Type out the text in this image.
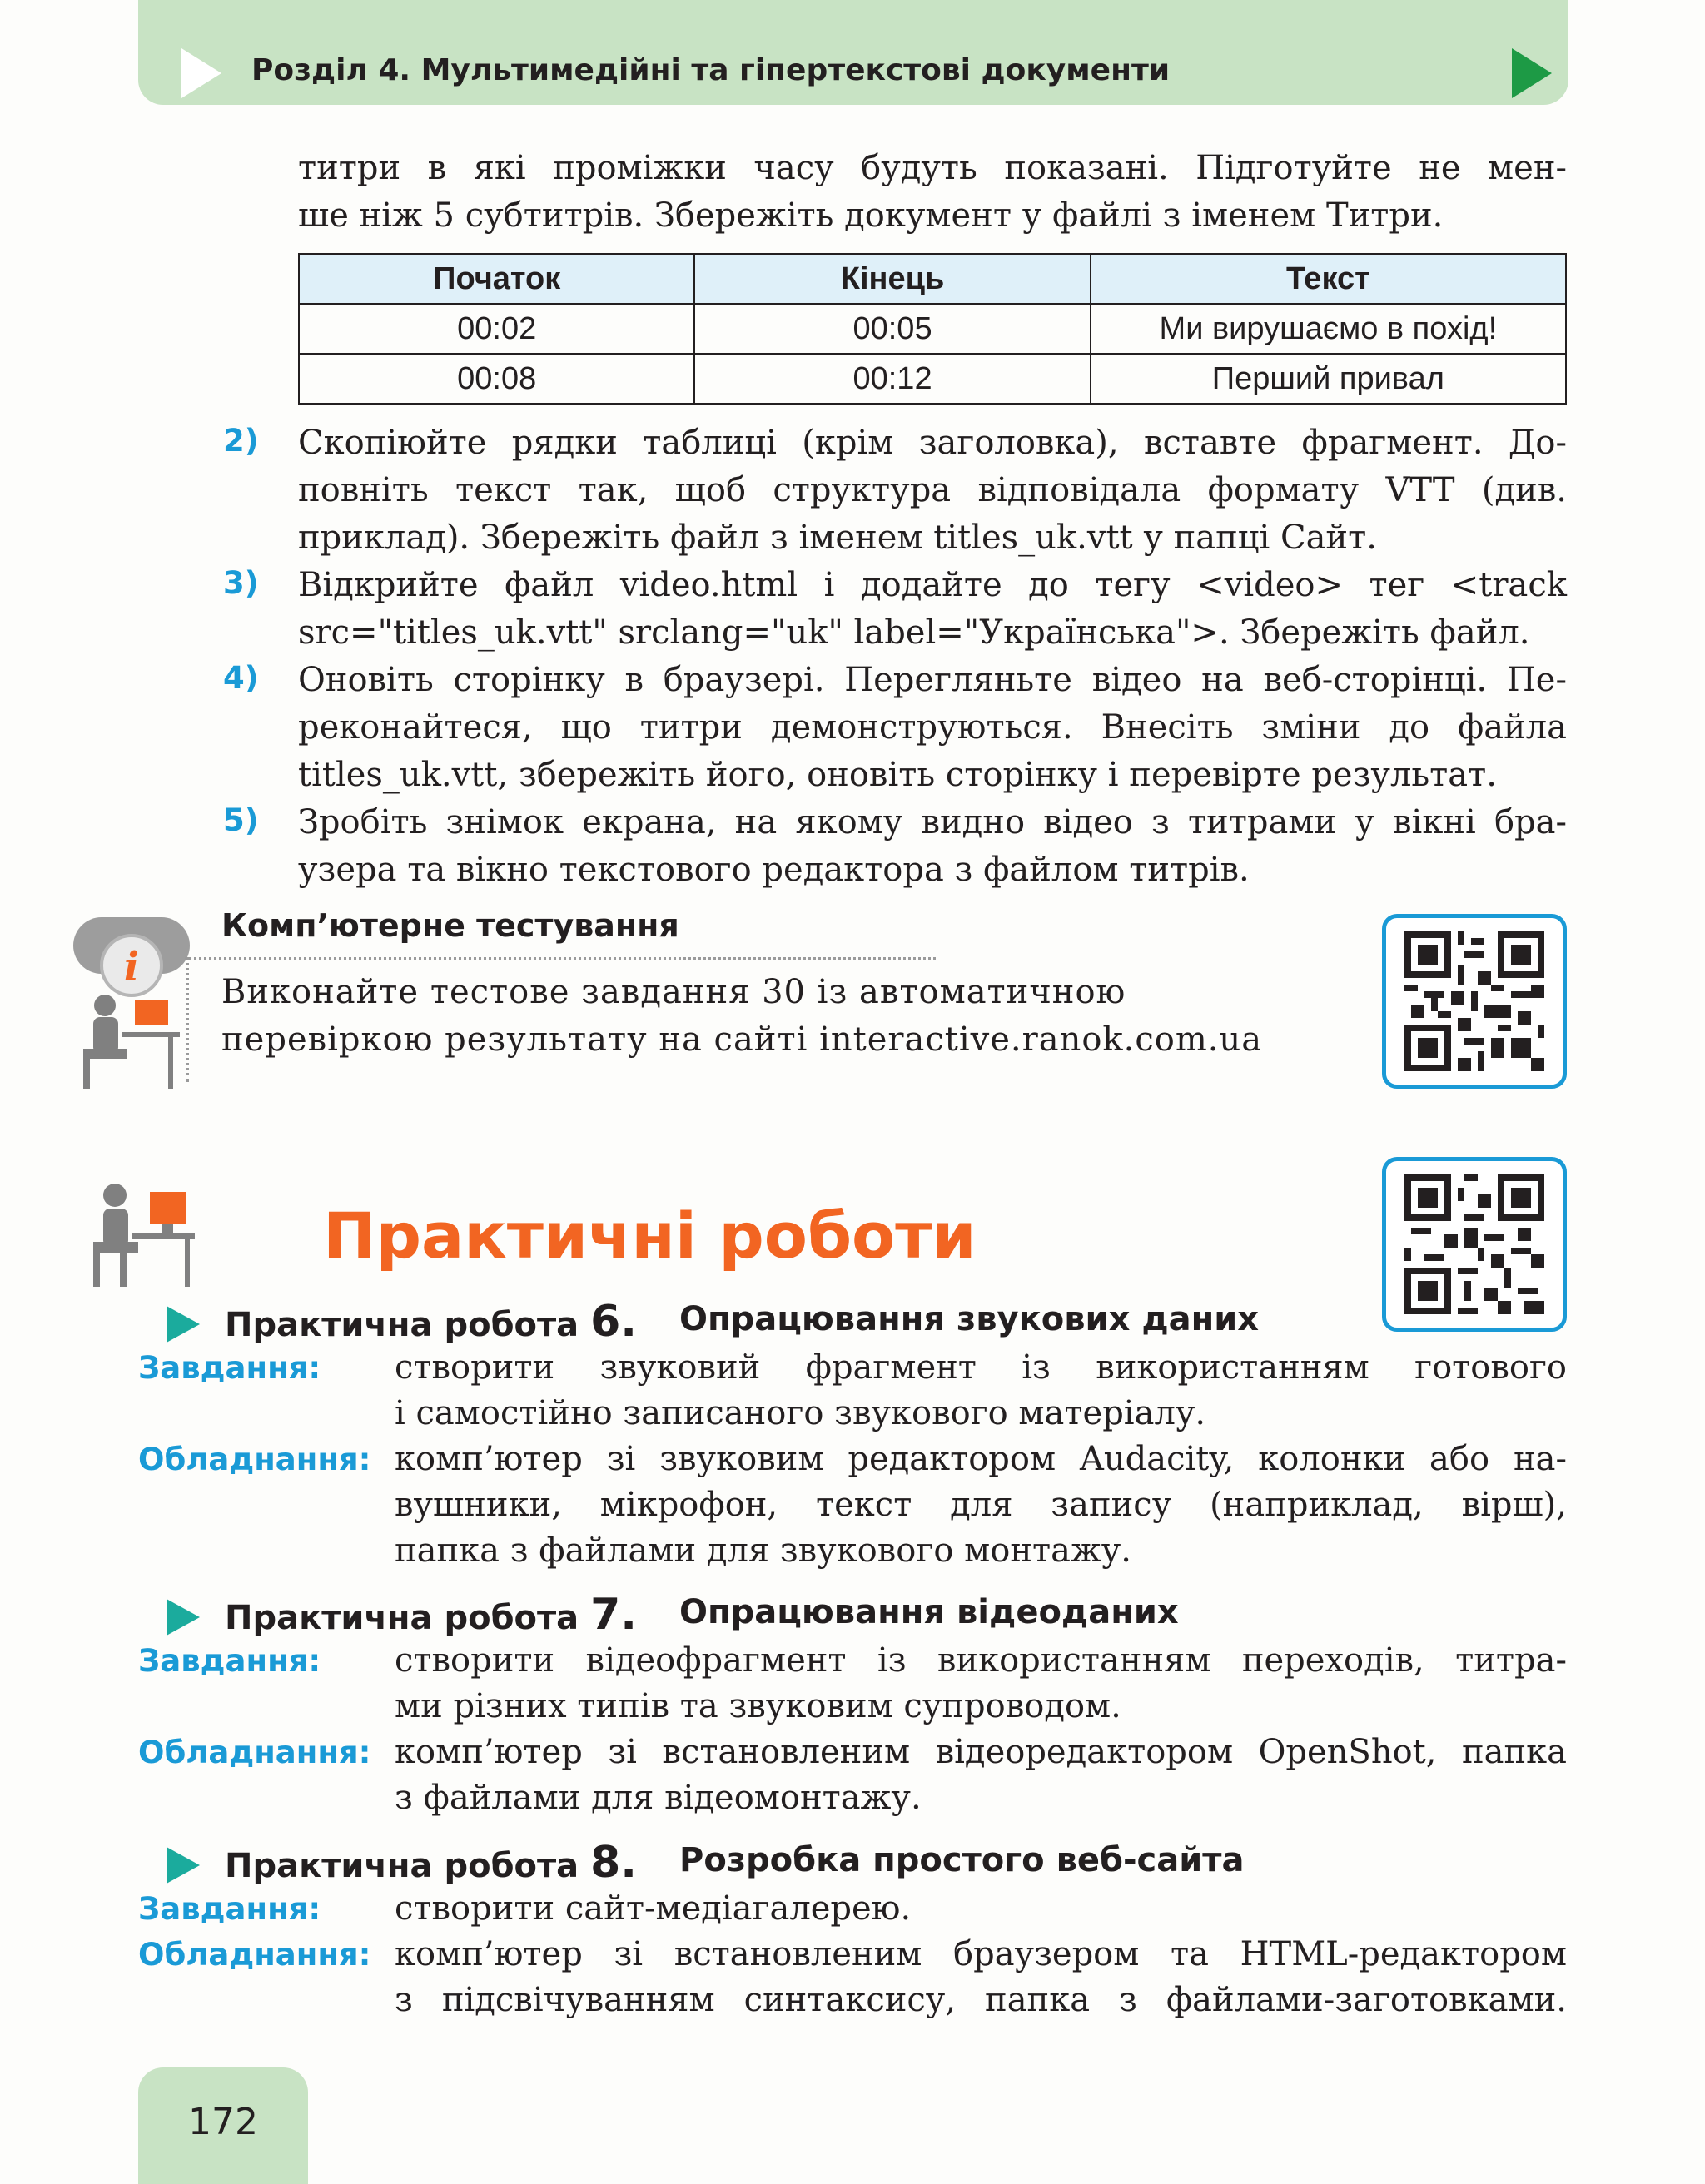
Розділ 4. Мультимедійні та гіпертекстові документи
титри в які проміжки часу будуть показані. Підготуйте не мен-
ше ніж 5 субтитрів. Збережіть документ у файлі з іменем Титри.
Початок	Кінець	Текст
00:02	00:05	Ми вирушаємо в похід!
00:08	00:12	Перший привал
2) Скопіюйте рядки таблиці (крім заголовка), вставте фрагмент. До-
повніть текст так, щоб структура відповідала формату VTT (див.
приклад). Збережіть файл з іменем titles_uk.vtt у папці Сайт.
3) Відкрийте файл video.html і додайте до тегу <video> тег <track
src="titles_uk.vtt" srclang="uk" label="Українська">. Збережіть файл.
4) Оновіть сторінку в браузері. Перегляньте відео на веб-сторінці. Пе-
реконайтеся, що титри демонструються. Внесіть зміни до файла
titles_uk.vtt, збережіть його, оновіть сторінку і перевірте результат.
5) Зробіть знімок екрана, на якому видно відео з титрами у вікні бра-
узера та вікно текстового редактора з файлом титрів.
i
Комп’ютерне тестування
Виконайте тестове завдання 30 із автоматичною
перевіркою результату на сайті interactive.ranok.com.ua
Практичні роботи
Практична робота 6. Опрацювання звукових даних
Завдання: створити звуковий фрагмент із використанням готового
і самостійно записаного звукового матеріалу.
Обладнання: комп’ютер зі звуковим редактором Audacity, колонки або на-
вушники, мікрофон, текст для запису (наприклад, вірш),
папка з файлами для звукового монтажу.
Практична робота 7. Опрацювання відеоданих
Завдання: створити відеофрагмент із використанням переходів, титра-
ми різних типів та звуковим супроводом.
Обладнання: комп’ютер зі встановленим відеоредактором OpenShot, папка
з файлами для відеомонтажу.
Практична робота 8. Розробка простого веб-сайта
Завдання: створити сайт-медіагалерею.
Обладнання: комп’ютер зі встановленим браузером та HTML-редактором
з підсвічуванням синтаксису, папка з файлами-заготовками.
172
